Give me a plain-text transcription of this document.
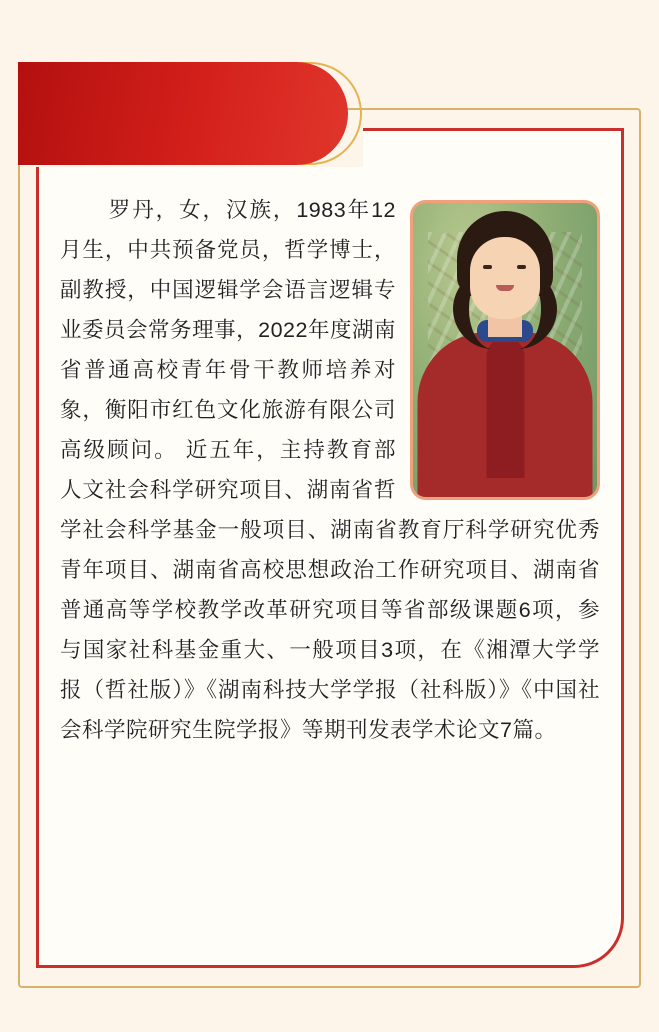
罗丹，女，汉族，1983年12月生，中共预备党员，哲学博士，副教授，中国逻辑学会语言逻辑专业委员会常务理事，2022年度湖南省普通高校青年骨干教师培养对象，衡阳市红色文化旅游有限公司高级顾问。 近五年，主持教育部人文社会科学研究项目、湖南省哲学社会科学基金一般项目、湖南省教育厅科学研究优秀青年项目、湖南省高校思想政治工作研究项目、湖南省普通高等学校教学改革研究项目等省部级课题6项，参与国家社科基金重大、一般项目3项，在《湘潭大学学报（哲社版）》《湖南科技大学学报（社科版）》《中国社会科学院研究生院学报》等期刊发表学术论文7篇。
